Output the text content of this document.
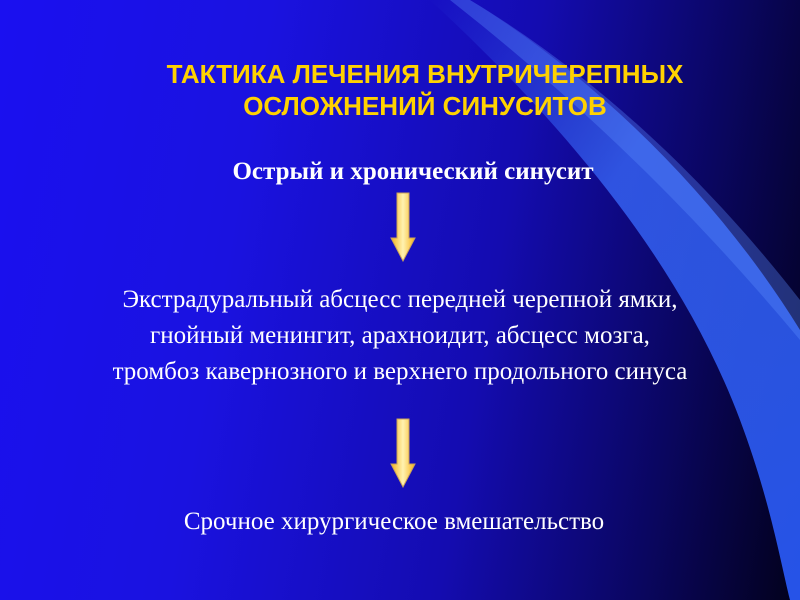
ТАКТИКА ЛЕЧЕНИЯ ВНУТРИЧЕРЕПНЫХ
ОСЛОЖНЕНИЙ СИНУСИТОВ
Острый и хронический синусит
Экстрадуральный абсцесс передней черепной ямки,
гнойный менингит, арахноидит, абсцесс мозга,
тромбоз кавернозного и верхнего продольного синуса
Срочное хирургическое вмешательство
